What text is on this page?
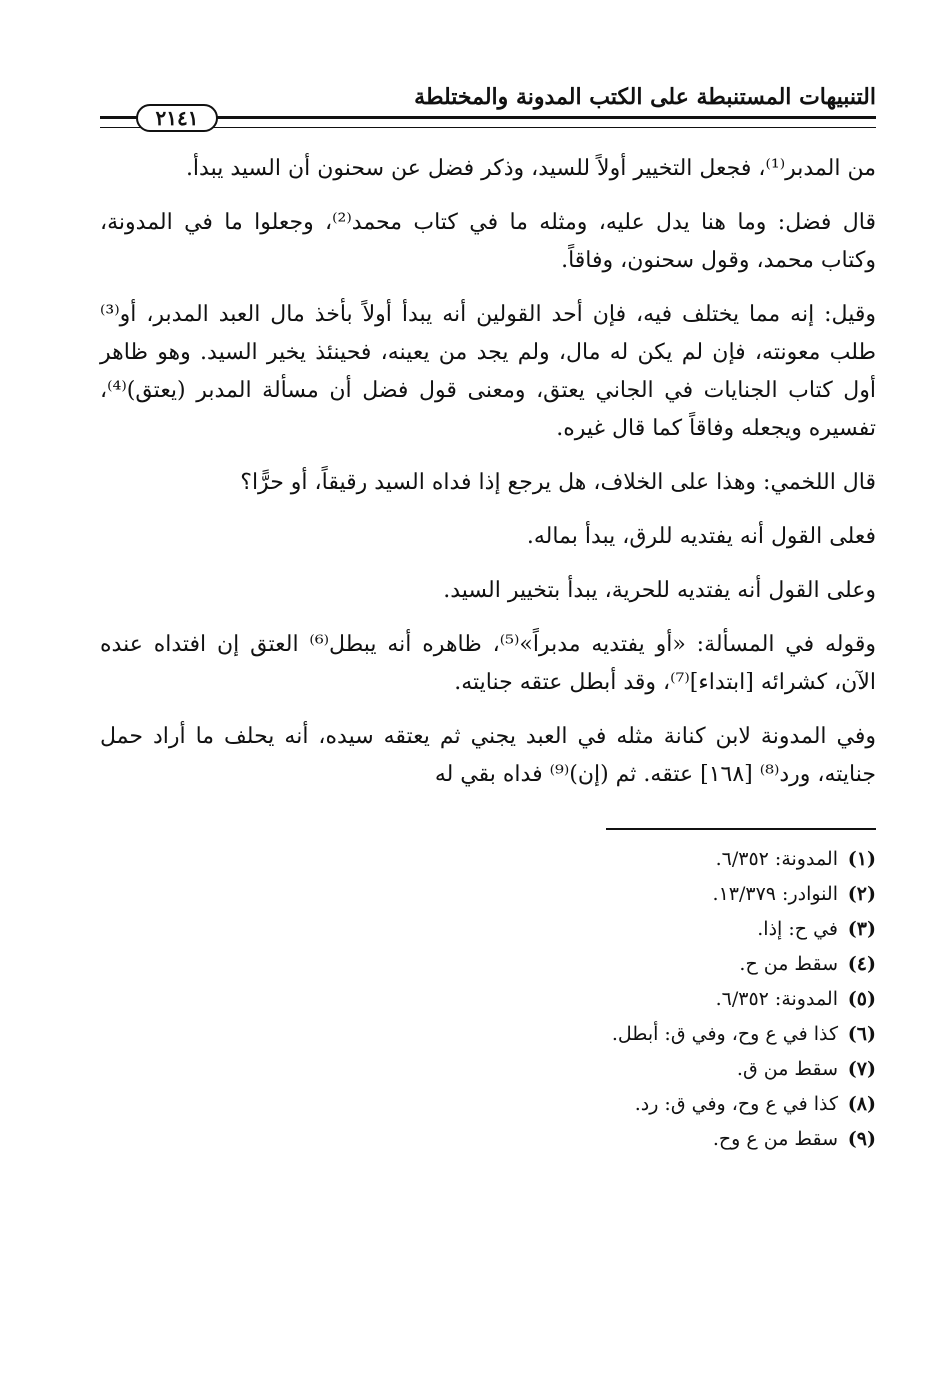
التنبيهات المستنبطة على الكتب المدونة والمختلطة
٢١٤١

من المدبر⁽¹⁾، فجعل التخيير أولاً للسيد، وذكر فضل عن سحنون أن السيد يبدأ.

قال فضل: وما هنا يدل عليه، ومثله ما في كتاب محمد⁽²⁾، وجعلوا ما في المدونة، وكتاب محمد، وقول سحنون، وفاقاً.

وقيل: إنه مما يختلف فيه، فإن أحد القولين أنه يبدأ أولاً بأخذ مال العبد المدبر، أو⁽³⁾ طلب معونته، فإن لم يكن له مال، ولم يجد من يعينه، فحينئذ يخير السيد. وهو ظاهر أول كتاب الجنايات في الجاني يعتق، ومعنى قول فضل أن مسألة المدبر (يعتق)⁽⁴⁾، تفسيره ويجعله وفاقاً كما قال غيره.

قال اللخمي: وهذا على الخلاف، هل يرجع إذا فداه السيد رقيقاً، أو حرًّا؟

فعلى القول أنه يفتديه للرق، يبدأ بماله.

وعلى القول أنه يفتديه للحرية، يبدأ بتخيير السيد.

وقوله في المسألة: «أو يفتديه مدبراً»⁽⁵⁾، ظاهره أنه يبطل⁽⁶⁾ العتق إن افتداه عنده الآن، كشرائه [ابتداء]⁽⁷⁾، وقد أبطل عتقه جنايته.

وفي المدونة لابن كنانة مثله في العبد يجني ثم يعتقه سيده، أنه يحلف ما أراد حمل جنايته، ورد⁽⁸⁾ [١٦٨] عتقه. ثم (إن)⁽⁹⁾ فداه بقي له

(١)المدونة: ٦/٣٥٢.
(٢)النوادر: ١٣/٣٧٩.
(٣)في ح: إذا.
(٤)سقط من ح.
(٥)المدونة: ٦/٣٥٢.
(٦)كذا في ع وح، وفي ق: أبطل.
(٧)سقط من ق.
(٨)كذا في ع وح، وفي ق: رد.
(٩)سقط من ع وح.
